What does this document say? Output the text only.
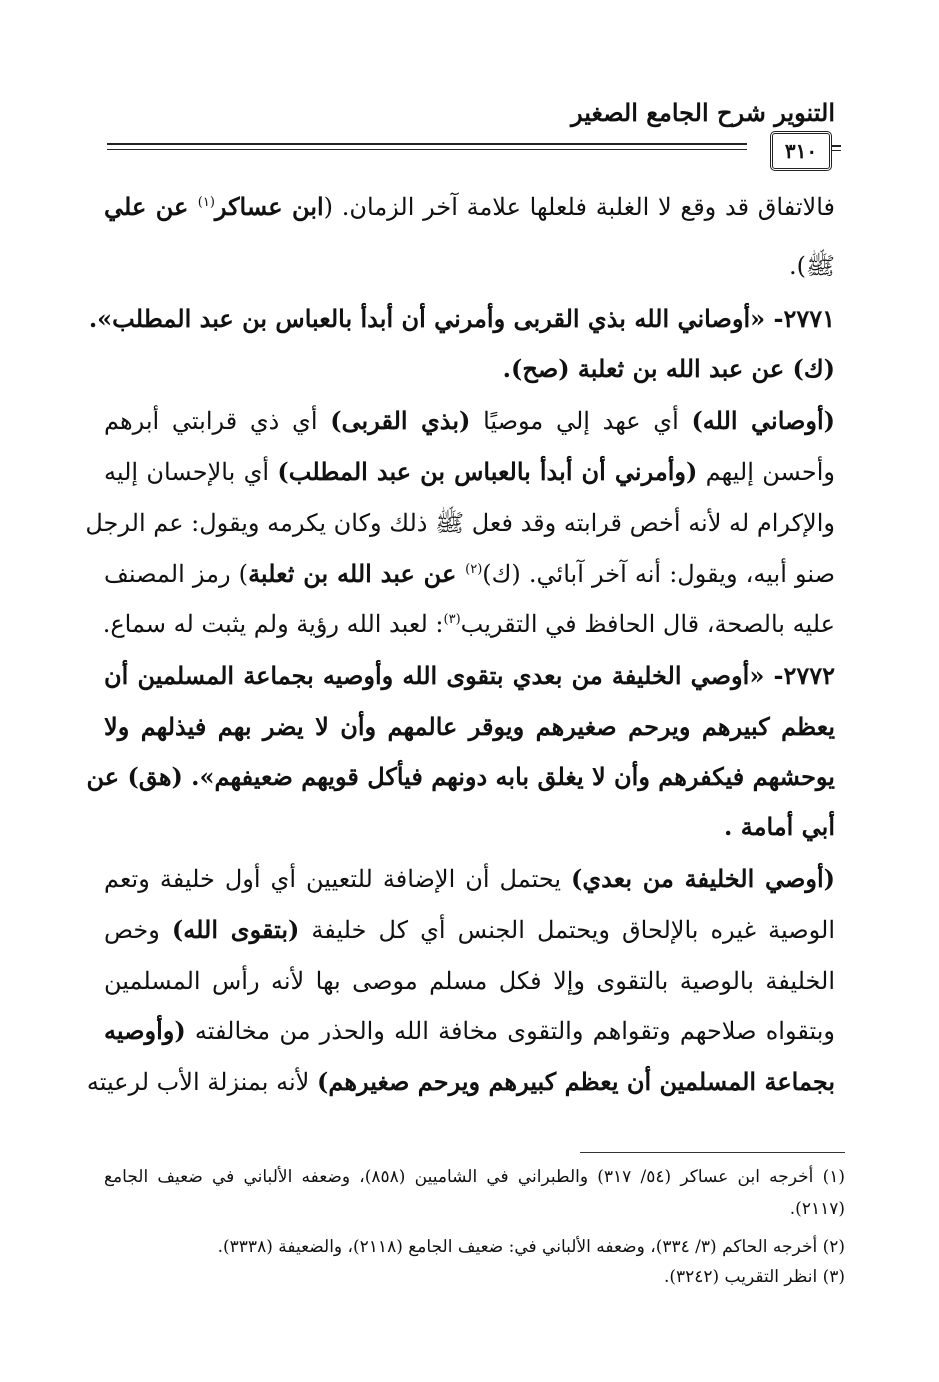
التنوير شرح الجامع الصغير
٣١٠
فالاتفاق قد وقع لا الغلبة فلعلها علامة آخر الزمان. (ابن عساكر$^{(١)}$ عن علي
ﷺ).
٢٧٧١- «أوصاني الله بذي القربى وأمرني أن أبدأ بالعباس بن عبد المطلب».
(ك) عن عبد الله بن ثعلبة (صح).
(أوصاني الله) أي عهد إلي موصيًا (بذي القربى) أي ذي قرابتي أبرهم
وأحسن إليهم (وأمرني أن أبدأ بالعباس بن عبد المطلب) أي بالإحسان إليه
والإكرام له لأنه أخص قرابته وقد فعل ﷺ ذلك وكان يكرمه ويقول: عم الرجل
صنو أبيه، ويقول: أنه آخر آبائي. (ك)$^{(٢)}$ عن عبد الله بن ثعلبة) رمز المصنف
عليه بالصحة، قال الحافظ في التقريب$^{(٣)}$: لعبد الله رؤية ولم يثبت له سماع.
٢٧٧٢- «أوصي الخليفة من بعدي بتقوى الله وأوصيه بجماعة المسلمين أن
يعظم كبيرهم ويرحم صغيرهم ويوقر عالمهم وأن لا يضر بهم فيذلهم ولا
يوحشهم فيكفرهم وأن لا يغلق بابه دونهم فيأكل قويهم ضعيفهم». (هق) عن
أبي أمامة .
(أوصي الخليفة من بعدي) يحتمل أن الإضافة للتعيين أي أول خليفة وتعم
الوصية غيره بالإلحاق ويحتمل الجنس أي كل خليفة (بتقوى الله) وخص
الخليفة بالوصية بالتقوى وإلا فكل مسلم موصى بها لأنه رأس المسلمين
وبتقواه صلاحهم وتقواهم والتقوى مخافة الله والحذر من مخالفته (وأوصيه
بجماعة المسلمين أن يعظم كبيرهم ويرحم صغيرهم) لأنه بمنزلة الأب لرعيته
(١) أخرجه ابن عساكر (٥٤/ ٣١٧) والطبراني في الشاميين (٨٥٨)، وضعفه الألباني في ضعيف الجامع
(٢١١٧).
(٢) أخرجه الحاكم (٣/ ٣٣٤)، وضعفه الألباني في: ضعيف الجامع (٢١١٨)، والضعيفة (٣٣٣٨).
(٣) انظر التقريب (٣٢٤٢).
